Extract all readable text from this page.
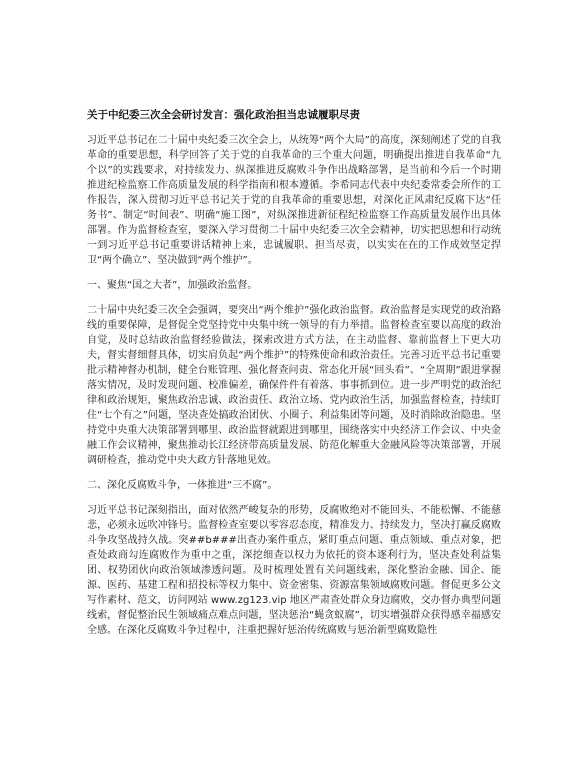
关于中纪委三次全会研讨发言：强化政治担当忠诚履职尽责

习近平总书记在二十届中央纪委三次全会上，从统筹“两个大局”的高度，深刻阐述了党的自我革命的重要思想，科学回答了关于党的自我革命的三个重大问题，明确提出推进自我革命“九个以”的实践要求，对持续发力、纵深推进反腐败斗争作出战略部署，是当前和今后一个时期推进纪检监察工作高质量发展的科学指南和根本遵循。李希同志代表中央纪委常委会所作的工作报告，深入贯彻习近平总书记关于党的自我革命的重要思想，对深化正风肃纪反腐下达“任务书”、制定“时间表”、明确“施工图”，对纵深推进新征程纪检监察工作高质量发展作出具体部署。作为监督检查室，要深入学习贯彻二十届中央纪委三次全会精神，切实把思想和行动统一到习近平总书记重要讲话精神上来，忠诚履职、担当尽责，以实实在在的工作成效坚定捍卫“两个确立”、坚决做到“两个维护”。

一、聚焦“国之大者”，加强政治监督。

二十届中央纪委三次全会强调，要突出“两个维护”强化政治监督。政治监督是实现党的政治路线的重要保障，是督促全党坚持党中央集中统一领导的有力举措。监督检查室要以高度的政治自觉，及时总结政治监督经验做法，探索改进方式方法，在主动监督、靠前监督上下更大功夫，督实督细督具体，切实肩负起“两个维护”的特殊使命和政治责任。完善习近平总书记重要批示精神督办机制，健全台账管理、强化督查问责、常态化开展“回头看”、“全周期”跟进掌握落实情况，及时发现问题、校准偏差，确保件件有着落、事事抓到位。进一步严明党的政治纪律和政治规矩，聚焦政治忠诚、政治责任、政治立场、党内政治生活，加强监督检查，持续盯住“七个有之”问题，坚决查处搞政治团伙、小圈子、利益集团等问题，及时消除政治隐患。坚持党中央重大决策部署到哪里、政治监督就跟进到哪里，围绕落实中央经济工作会议、中央金融工作会议精神，聚焦推动长江经济带高质量发展、防范化解重大金融风险等决策部署，开展调研检查，推动党中央大政方针落地见效。

二、深化反腐败斗争，一体推进“三不腐”。

习近平总书记深刻指出，面对依然严峻复杂的形势，反腐败绝对不能回头、不能松懈、不能慈悲，必须永远吹冲锋号。监督检查室要以零容忍态度，精准发力、持续发力，坚决打赢反腐败斗争攻坚战持久战。突##b###出查办案件重点，紧盯重点问题、重点领域、重点对象，把查处政商勾连腐败作为重中之重，深挖细查以权力为依托的资本逐利行为，坚决查处利益集团、权势团伙向政治领域渗透问题。及时梳理处置有关问题线索，深化整治金融、国企、能源、医药、基建工程和招投标等权力集中、资金密集、资源富集领域腐败问题。督促更多公文写作素材、范文，访问网站 www.zg123.vip 地区严肃查处群众身边腐败，交办督办典型问题线索，督促整治民生领域痛点难点问题，坚决惩治“蝇贪蚁腐”，切实增强群众获得感幸福感安全感。在深化反腐败斗争过程中，注重把握好惩治传统腐败与惩治新型腐败隐性
